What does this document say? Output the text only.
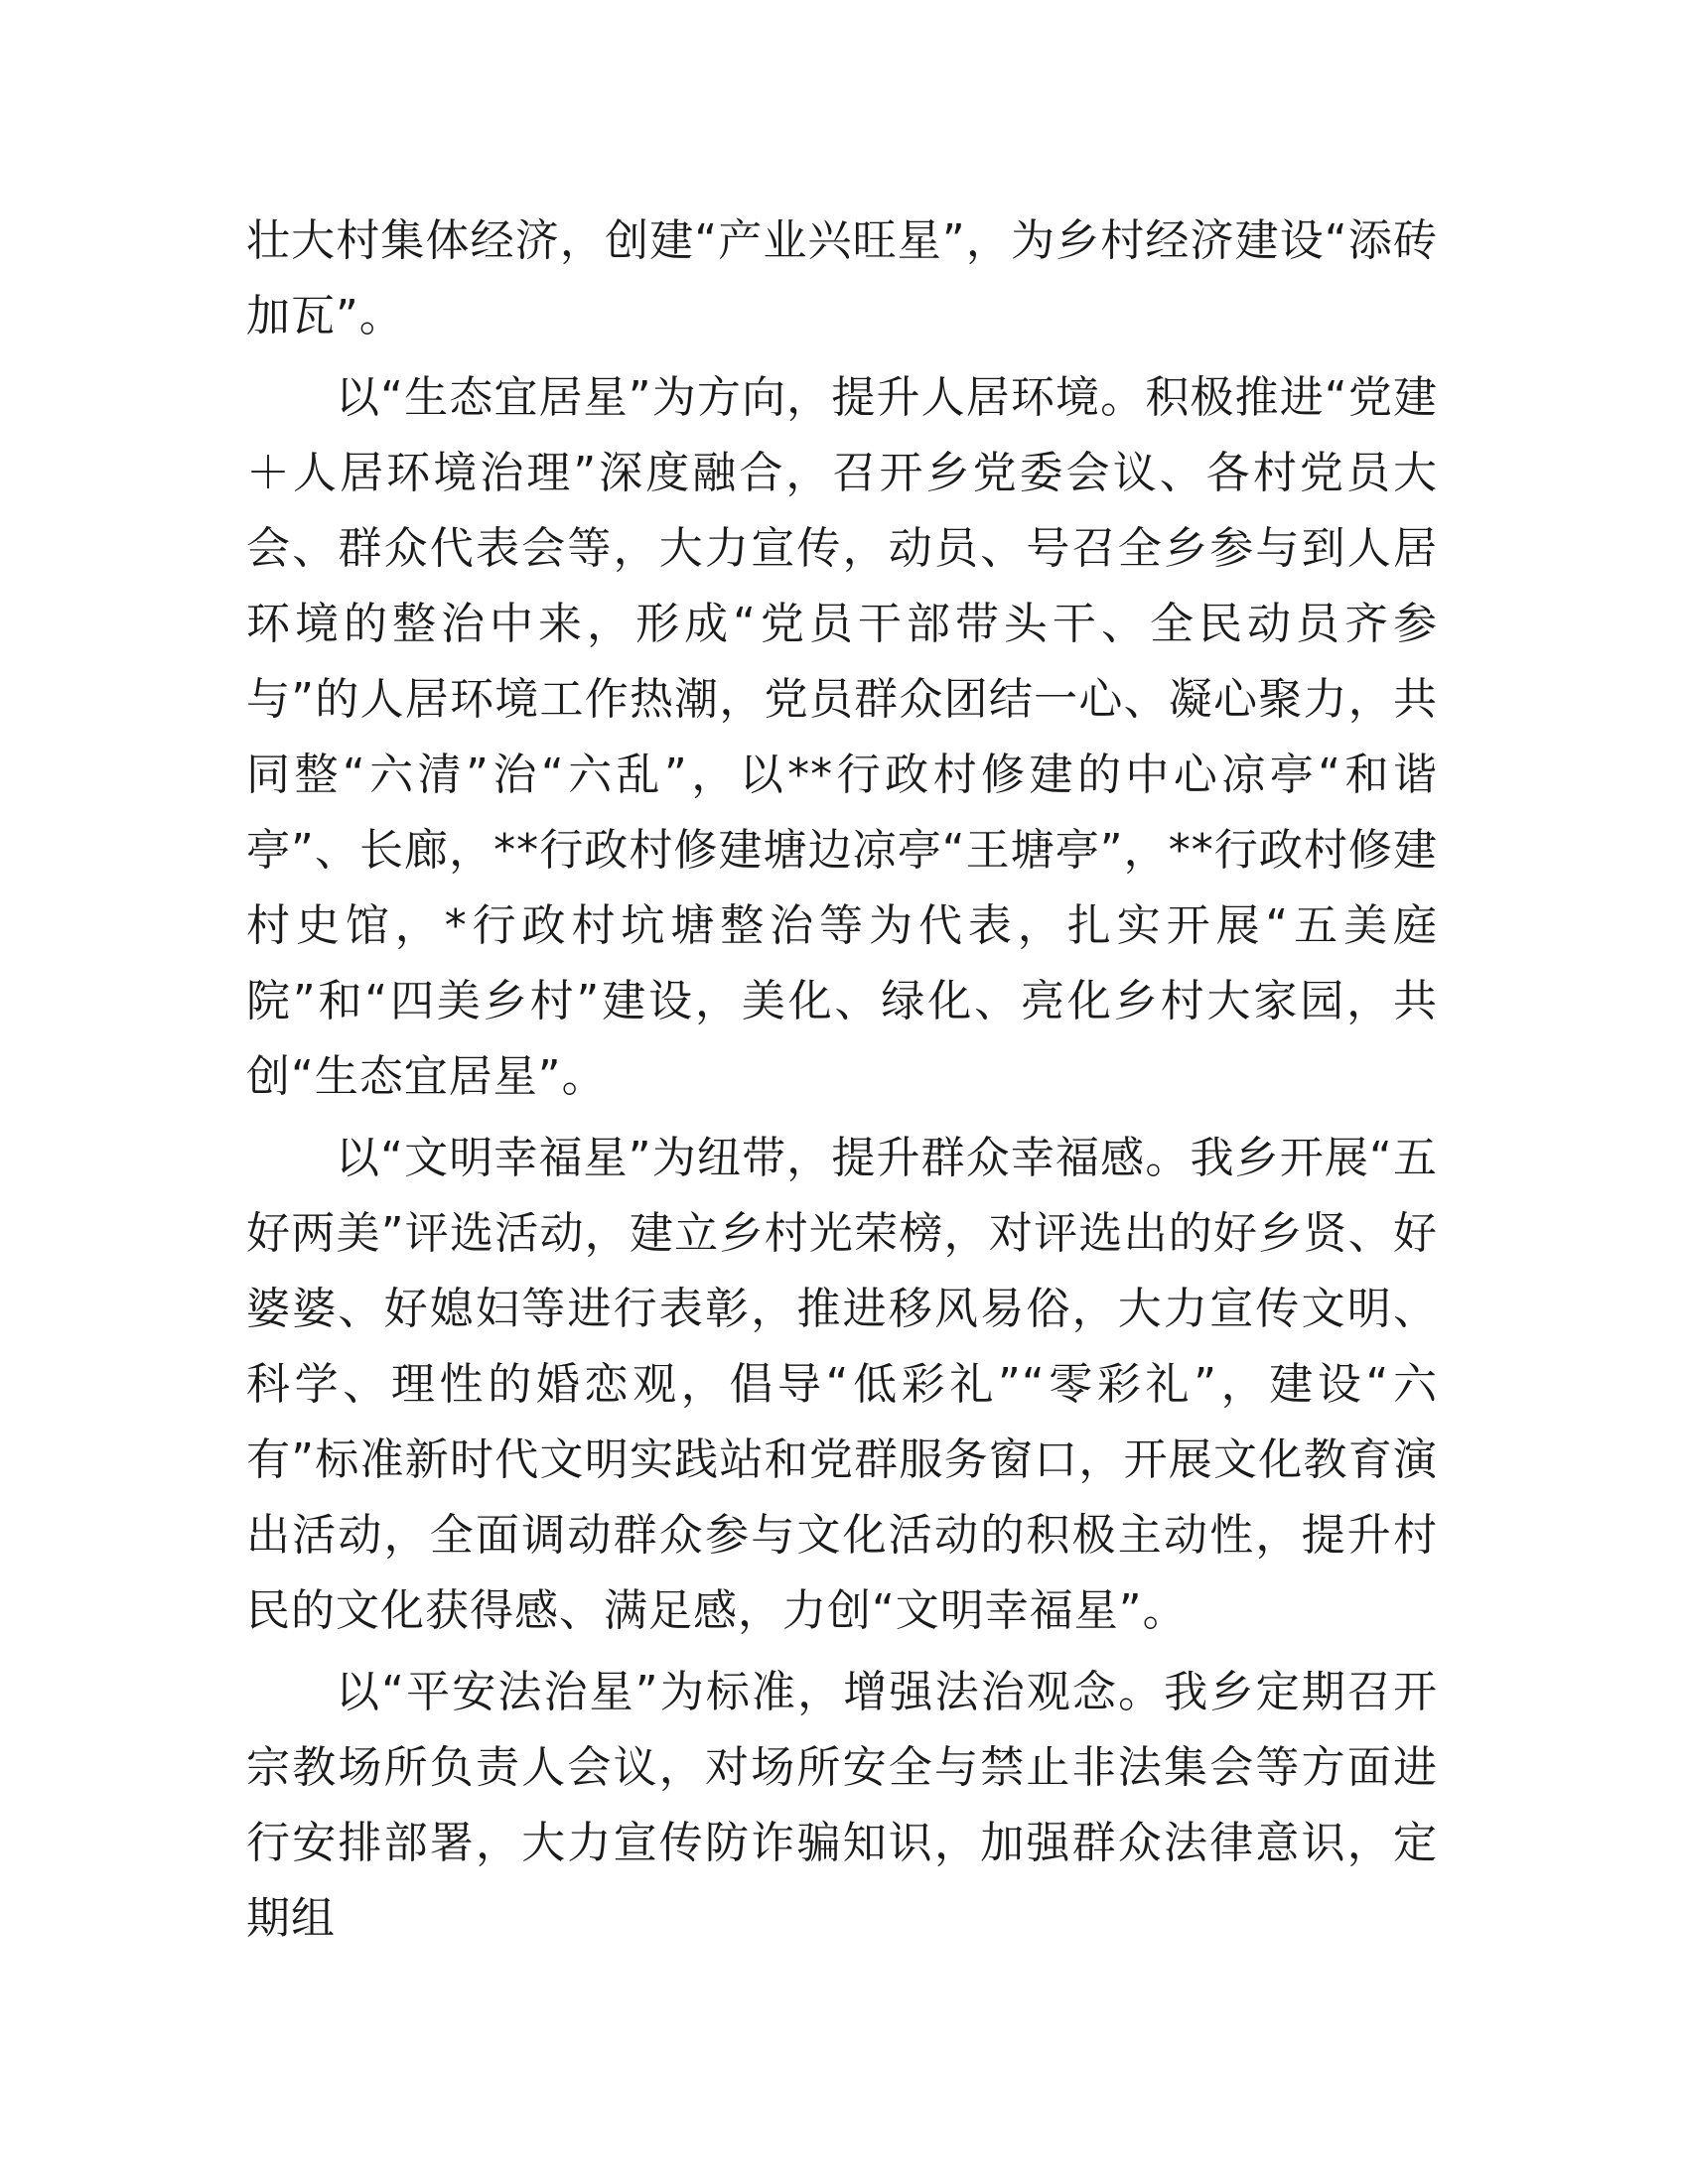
壮大村集体经济，创建“产业兴旺星”，为乡村经济建设“添砖加瓦”。

以“生态宜居星”为方向，提升人居环境。积极推进“党建＋人居环境治理”深度融合，召开乡党委会议、各村党员大会、群众代表会等，大力宣传，动员、号召全乡参与到人居环境的整治中来，形成“党员干部带头干、全民动员齐参与”的人居环境工作热潮，党员群众团结一心、凝心聚力，共同整“六清”治“六乱”，以**行政村修建的中心凉亭“和谐亭”、长廊，**行政村修建塘边凉亭“王塘亭”，**行政村修建村史馆，*行政村坑塘整治等为代表，扎实开展“五美庭院”和“四美乡村”建设，美化、绿化、亮化乡村大家园，共创“生态宜居星”。

以“文明幸福星”为纽带，提升群众幸福感。我乡开展“五好两美”评选活动，建立乡村光荣榜，对评选出的好乡贤、好婆婆、好媳妇等进行表彰，推进移风易俗，大力宣传文明、科学、理性的婚恋观，倡导“低彩礼”“零彩礼”，建设“六有”标准新时代文明实践站和党群服务窗口，开展文化教育演出活动，全面调动群众参与文化活动的积极主动性，提升村民的文化获得感、满足感，力创“文明幸福星”。

以“平安法治星”为标准，增强法治观念。我乡定期召开宗教场所负责人会议，对场所安全与禁止非法集会等方面进行安排部署，大力宣传防诈骗知识，加强群众法律意识，定期组
